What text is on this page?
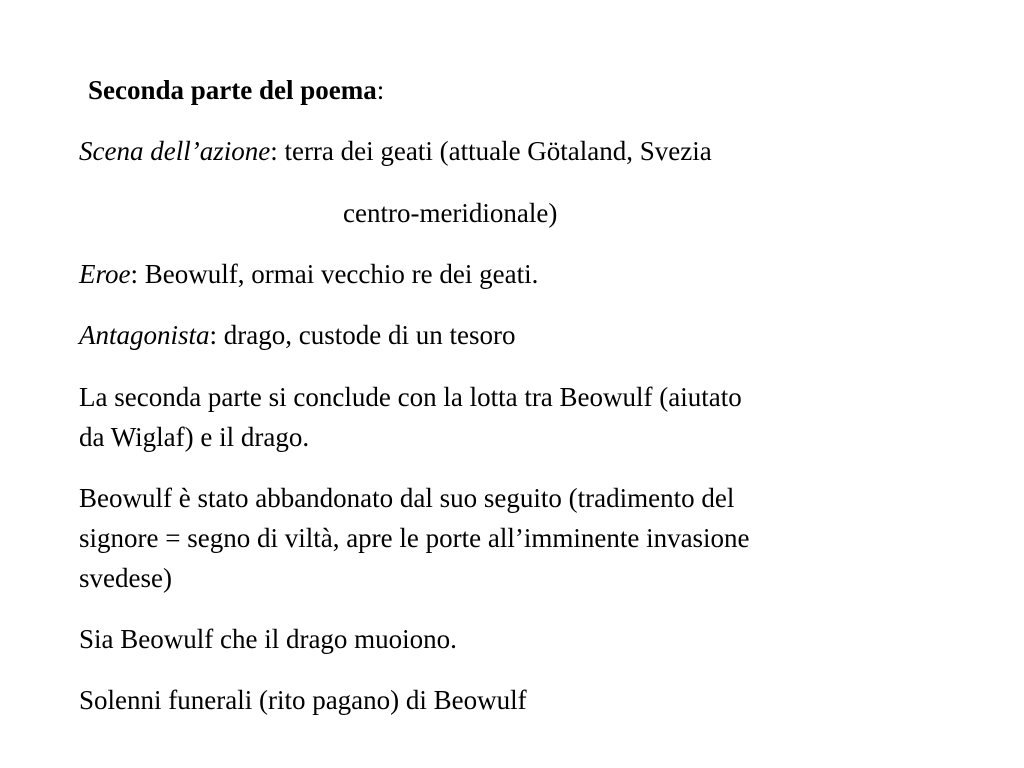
Seconda parte del poema:
Scena dell’azione: terra dei geati (attuale Götaland, Svezia
centro-meridionale)
Eroe: Beowulf, ormai vecchio re dei geati.
Antagonista: drago, custode di un tesoro
La seconda parte si conclude con la lotta tra Beowulf (aiutato
da Wiglaf) e il drago.
Beowulf è stato abbandonato dal suo seguito (tradimento del
signore = segno di viltà, apre le porte all’imminente invasione
svedese)
Sia Beowulf che il drago muoiono.
Solenni funerali (rito pagano) di Beowulf
